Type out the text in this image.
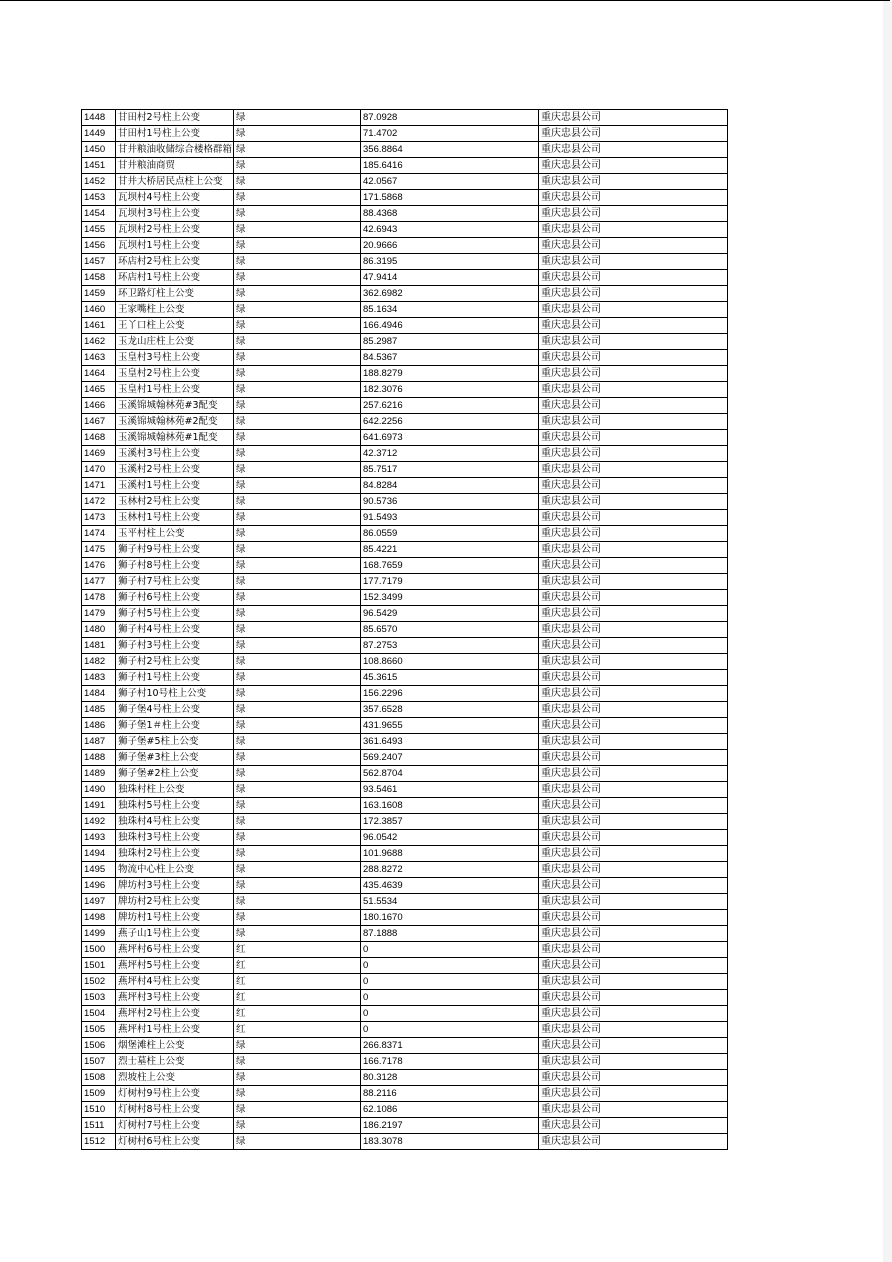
1448	甘田村2号柱上公变	绿	87.0928	重庆忠县公司
1449	甘田村1号柱上公变	绿	71.4702	重庆忠县公司
1450	甘井粮油收储综合楼格群箱	绿	356.8864	重庆忠县公司
1451	甘井粮油商贸	绿	185.6416	重庆忠县公司
1452	甘井大桥居民点柱上公变	绿	42.0567	重庆忠县公司
1453	瓦坝村4号柱上公变	绿	171.5868	重庆忠县公司
1454	瓦坝村3号柱上公变	绿	88.4368	重庆忠县公司
1455	瓦坝村2号柱上公变	绿	42.6943	重庆忠县公司
1456	瓦坝村1号柱上公变	绿	20.9666	重庆忠县公司
1457	环店村2号柱上公变	绿	86.3195	重庆忠县公司
1458	环店村1号柱上公变	绿	47.9414	重庆忠县公司
1459	环卫路灯柱上公变	绿	362.6982	重庆忠县公司
1460	王家嘴柱上公变	绿	85.1634	重庆忠县公司
1461	王丫口柱上公变	绿	166.4946	重庆忠县公司
1462	玉龙山庄柱上公变	绿	85.2987	重庆忠县公司
1463	玉皇村3号柱上公变	绿	84.5367	重庆忠县公司
1464	玉皇村2号柱上公变	绿	188.8279	重庆忠县公司
1465	玉皇村1号柱上公变	绿	182.3076	重庆忠县公司
1466	玉溪锦城翰林苑#3配变	绿	257.6216	重庆忠县公司
1467	玉溪锦城翰林苑#2配变	绿	642.2256	重庆忠县公司
1468	玉溪锦城翰林苑#1配变	绿	641.6973	重庆忠县公司
1469	玉溪村3号柱上公变	绿	42.3712	重庆忠县公司
1470	玉溪村2号柱上公变	绿	85.7517	重庆忠县公司
1471	玉溪村1号柱上公变	绿	84.8284	重庆忠县公司
1472	玉林村2号柱上公变	绿	90.5736	重庆忠县公司
1473	玉林村1号柱上公变	绿	91.5493	重庆忠县公司
1474	玉平村柱上公变	绿	86.0559	重庆忠县公司
1475	狮子村9号柱上公变	绿	85.4221	重庆忠县公司
1476	狮子村8号柱上公变	绿	168.7659	重庆忠县公司
1477	狮子村7号柱上公变	绿	177.7179	重庆忠县公司
1478	狮子村6号柱上公变	绿	152.3499	重庆忠县公司
1479	狮子村5号柱上公变	绿	96.5429	重庆忠县公司
1480	狮子村4号柱上公变	绿	85.6570	重庆忠县公司
1481	狮子村3号柱上公变	绿	87.2753	重庆忠县公司
1482	狮子村2号柱上公变	绿	108.8660	重庆忠县公司
1483	狮子村1号柱上公变	绿	45.3615	重庆忠县公司
1484	狮子村10号柱上公变	绿	156.2296	重庆忠县公司
1485	狮子堡4号柱上公变	绿	357.6528	重庆忠县公司
1486	狮子堡1＃柱上公变	绿	431.9655	重庆忠县公司
1487	狮子堡#5柱上公变	绿	361.6493	重庆忠县公司
1488	狮子堡#3柱上公变	绿	569.2407	重庆忠县公司
1489	狮子堡#2柱上公变	绿	562.8704	重庆忠县公司
1490	独珠村柱上公变	绿	93.5461	重庆忠县公司
1491	独珠村5号柱上公变	绿	163.1608	重庆忠县公司
1492	独珠村4号柱上公变	绿	172.3857	重庆忠县公司
1493	独珠村3号柱上公变	绿	96.0542	重庆忠县公司
1494	独珠村2号柱上公变	绿	101.9688	重庆忠县公司
1495	物流中心柱上公变	绿	288.8272	重庆忠县公司
1496	牌坊村3号柱上公变	绿	435.4639	重庆忠县公司
1497	牌坊村2号柱上公变	绿	51.5534	重庆忠县公司
1498	牌坊村1号柱上公变	绿	180.1670	重庆忠县公司
1499	燕子山1号柱上公变	绿	87.1888	重庆忠县公司
1500	燕坪村6号柱上公变	红	0	重庆忠县公司
1501	燕坪村5号柱上公变	红	0	重庆忠县公司
1502	燕坪村4号柱上公变	红	0	重庆忠县公司
1503	燕坪村3号柱上公变	红	0	重庆忠县公司
1504	燕坪村2号柱上公变	红	0	重庆忠县公司
1505	燕坪村1号柱上公变	红	0	重庆忠县公司
1506	烟堡滩柱上公变	绿	266.8371	重庆忠县公司
1507	烈士墓柱上公变	绿	166.7178	重庆忠县公司
1508	烈坡柱上公变	绿	80.3128	重庆忠县公司
1509	灯树村9号柱上公变	绿	88.2116	重庆忠县公司
1510	灯树村8号柱上公变	绿	62.1086	重庆忠县公司
1511	灯树村7号柱上公变	绿	186.2197	重庆忠县公司
1512	灯树村6号柱上公变	绿	183.3078	重庆忠县公司
